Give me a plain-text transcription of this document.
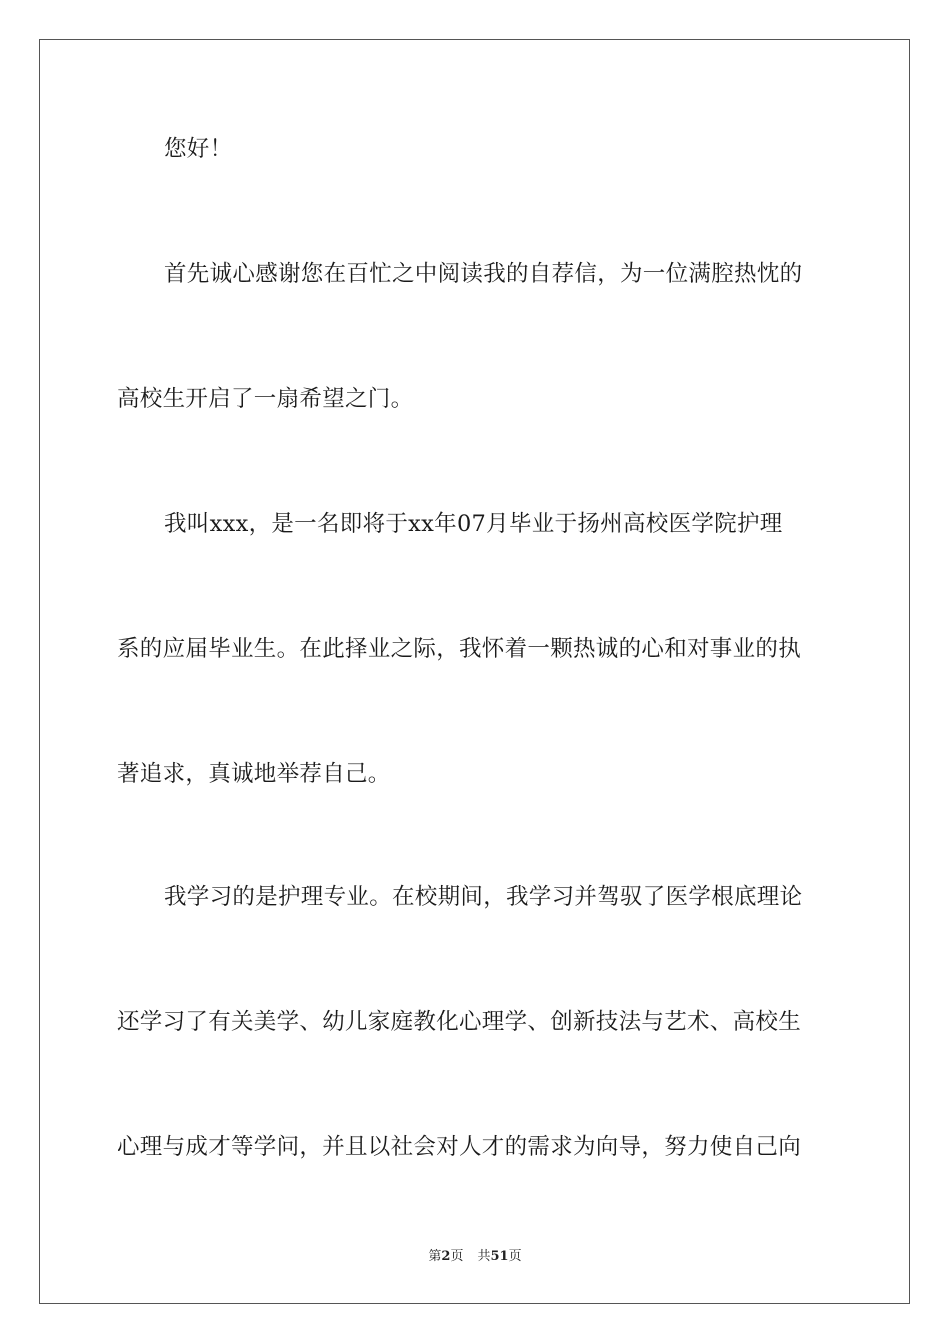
您好！
首先诚心感谢您在百忙之中阅读我的自荐信，为一位满腔热忱的
高校生开启了一扇希望之门。
我叫xxx，是一名即将于xx年07月毕业于扬州高校医学院护理
系的应届毕业生。在此择业之际，我怀着一颗热诚的心和对事业的执
著追求，真诚地举荐自己。
我学习的是护理专业。在校期间，我学习并驾驭了医学根底理论
还学习了有关美学、幼儿家庭教化心理学、创新技法与艺术、高校生
心理与成才等学问，并且以社会对人才的需求为向导，努力使自己向
第2页 共51页
